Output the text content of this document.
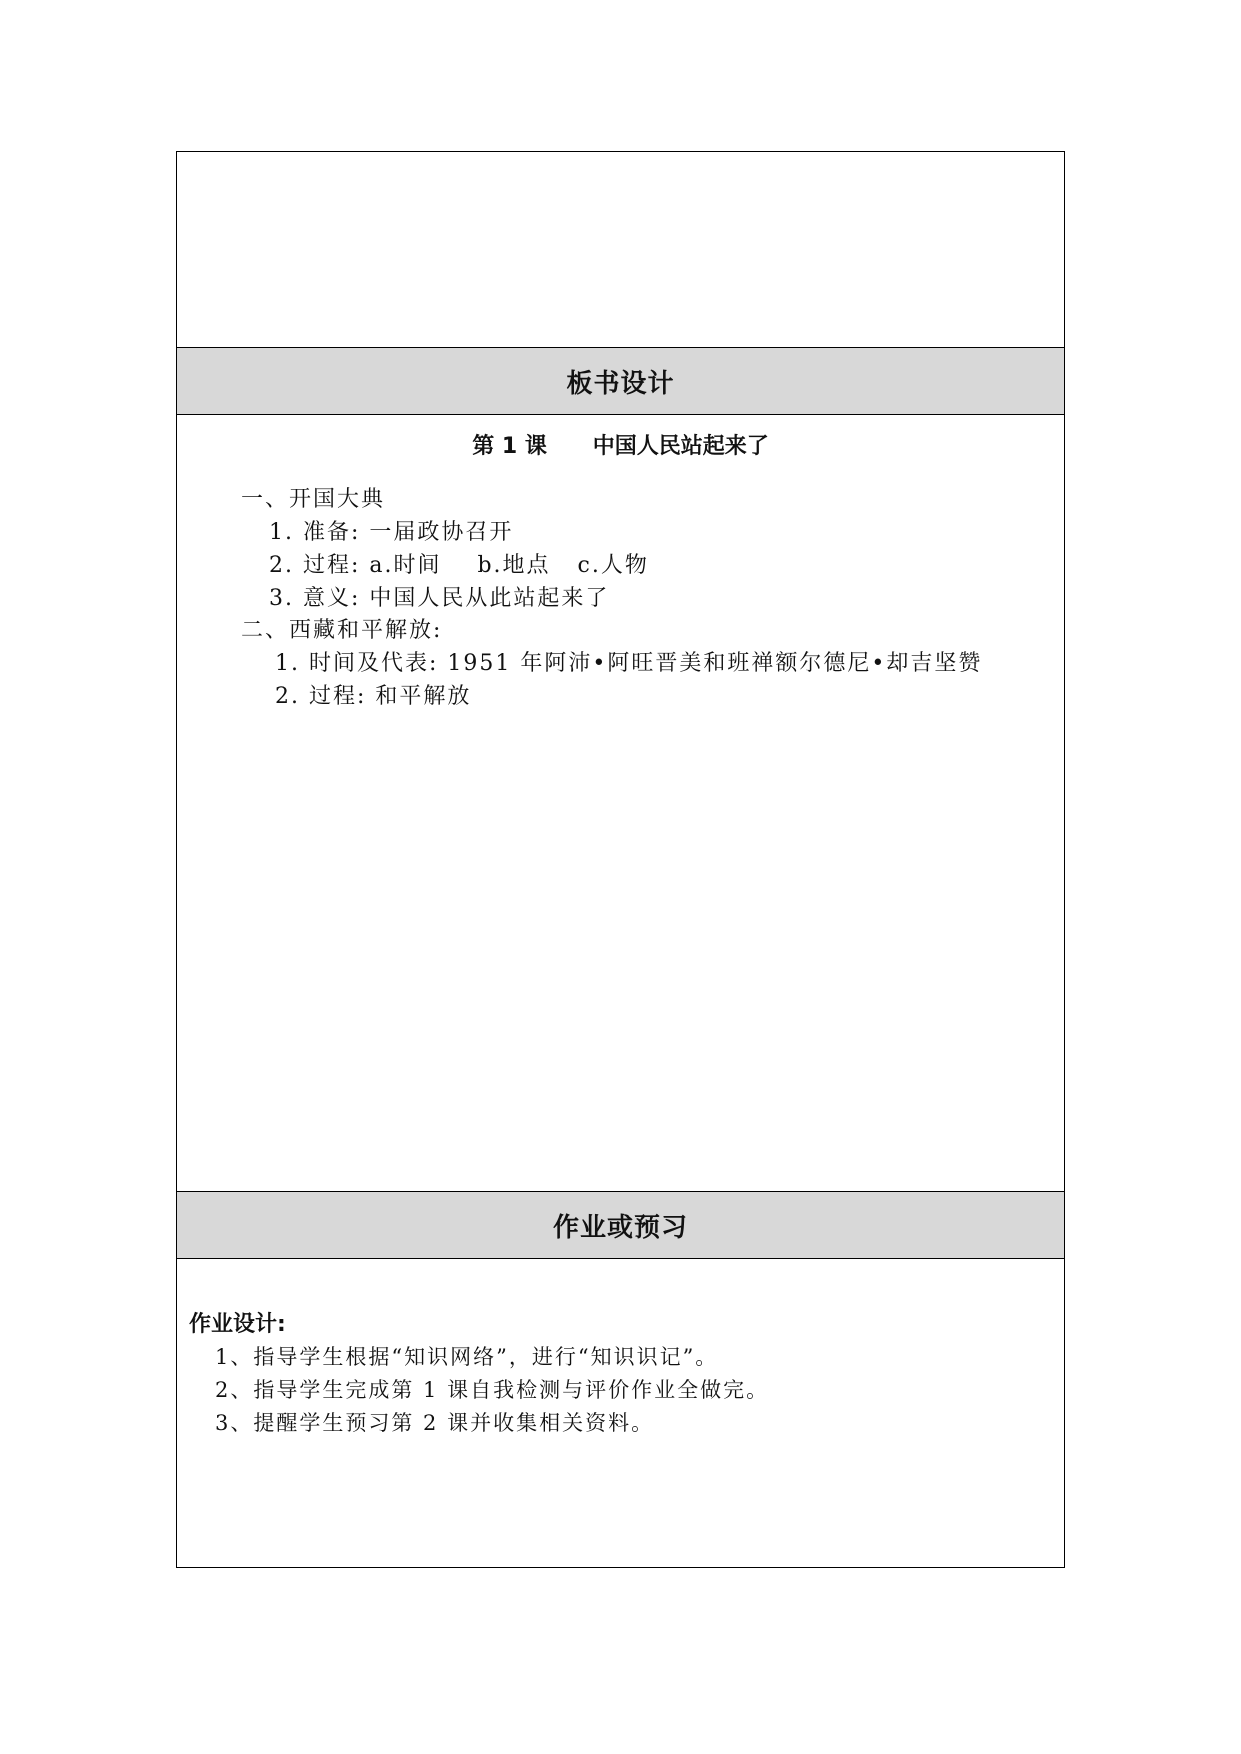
板书设计
第 1 课      中国人民站起来了
一、开国大典
1. 准备: 一届政协召开
2. 过程: a.时间    b.地点   c.人物
3. 意义: 中国人民从此站起来了
二、西藏和平解放:
1. 时间及代表: 1951 年阿沛•阿旺晋美和班禅额尔德尼•却吉坚赞
2. 过程: 和平解放
作业或预习
作业设计:
1、指导学生根据“知识网络”，进行“知识识记”。
2、指导学生完成第 1 课自我检测与评价作业全做完。
3、提醒学生预习第 2 课并收集相关资料。
